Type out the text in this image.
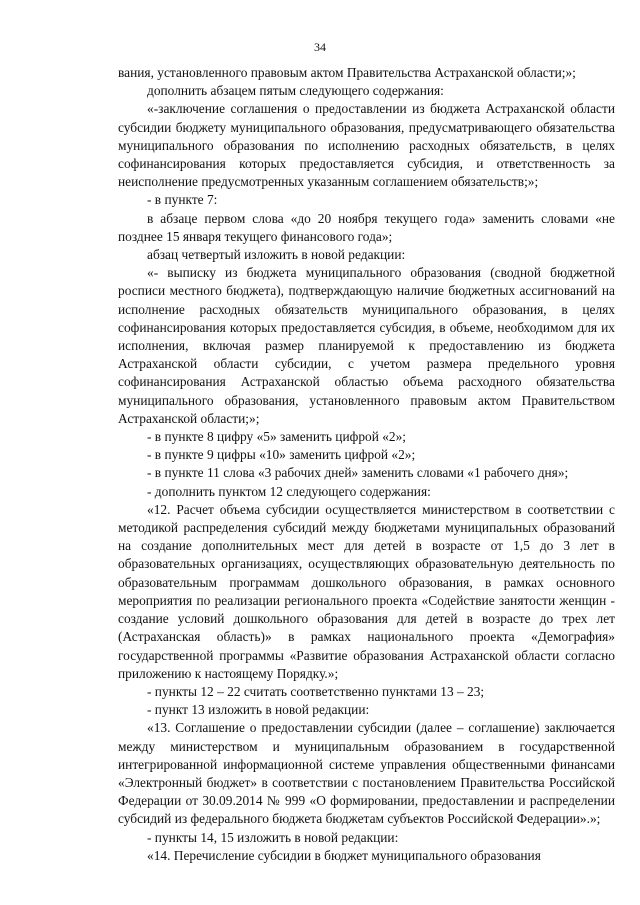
34

вания, установленного правовым актом Правительства Астраханской области;»;

дополнить абзацем пятым следующего содержания:

«-заключение соглашения о предоставлении из бюджета Астраханской области субсидии бюджету муниципального образования, предусматривающего обязательства муниципального образования по исполнению расходных обязательств, в целях софинансирования которых предоставляется субсидия, и ответственность за неисполнение предусмотренных указанным соглашением обязательств;»;

- в пункте 7:

в абзаце первом слова «до 20 ноября текущего года» заменить словами «не позднее 15 января текущего финансового года»;

абзац четвертый изложить в новой редакции:

«- выписку из бюджета муниципального образования (сводной бюджетной росписи местного бюджета), подтверждающую наличие бюджетных ассигнований на исполнение расходных обязательств муниципального образования, в целях софинансирования которых предоставляется субсидия, в объеме, необходимом для их исполнения, включая размер планируемой к предоставлению из бюджета Астраханской области субсидии, с учетом размера предельного уровня софинансирования Астраханской областью объема расходного обязательства муниципального образования, установленного правовым актом Правительством Астраханской области;»;

- в пункте 8 цифру «5» заменить цифрой «2»;

- в пункте 9 цифры «10» заменить цифрой «2»;

- в пункте 11 слова «3 рабочих дней» заменить словами «1 рабочего дня»;

- дополнить пунктом 12 следующего содержания:

«12. Расчет объема субсидии осуществляется министерством в соответствии с методикой распределения субсидий между бюджетами муниципальных образований на создание дополнительных мест для детей в возрасте от 1,5 до 3 лет в образовательных организациях, осуществляющих образовательную деятельность по образовательным программам дошкольного образования, в рамках основного мероприятия по реализации регионального проекта «Содействие занятости женщин - создание условий дошкольного образования для детей в возрасте до трех лет (Астраханская область)» в рамках национального проекта «Демография» государственной программы «Развитие образования Астраханской области согласно приложению к настоящему Порядку.»;

- пункты 12 – 22 считать соответственно пунктами 13 – 23;

- пункт 13 изложить в новой редакции:

«13. Соглашение о предоставлении субсидии (далее – соглашение) заключается между министерством и муниципальным образованием в государственной интегрированной информационной системе управления общественными финансами «Электронный бюджет» в соответствии с постановлением Правительства Российской Федерации от 30.09.2014 № 999 «О формировании, предоставлении и распределении субсидий из федерального бюджета бюджетам субъектов Российской Федерации».»;

- пункты 14, 15 изложить в новой редакции:

«14. Перечисление субсидии в бюджет муниципального образования
